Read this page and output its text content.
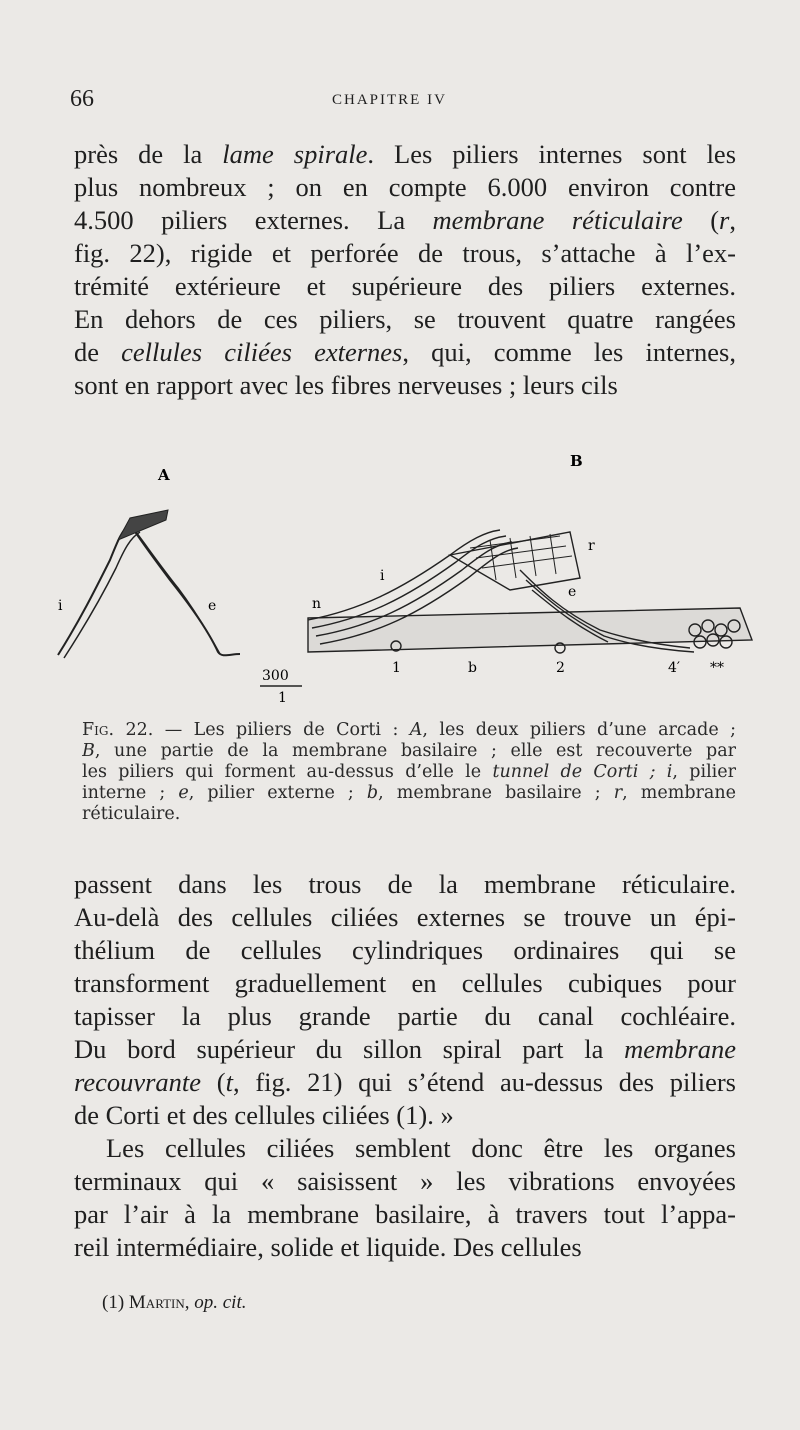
66	CHAPITRE IV

près de la lame spirale. Les piliers internes sont les
plus nombreux ; on en compte 6.000 environ contre
4.500 piliers externes. La membrane réticulaire (r,
fig. 22), rigide et perforée de trous, s’attache à l’ex-
trémité extérieure et supérieure des piliers externes.
En dehors de ces piliers, se trouvent quatre rangées
de cellules ciliées externes, qui, comme les internes,
sont en rapport avec les fibres nerveuses ; leurs cils

A
i	e
300
1
B
n
i
r
e
1	b	2	4′ **

Fig. 22. — Les piliers de Corti : A, les deux piliers d’une arcade ;
B, une partie de la membrane basilaire ; elle est recouverte par
les piliers qui forment au-dessus d’elle le tunnel de Corti ; i, pilier
interne ; e, pilier externe ; b, membrane basilaire ; r, membrane
réticulaire.

passent dans les trous de la membrane réticulaire.
Au-delà des cellules ciliées externes se trouve un épi-
thélium de cellules cylindriques ordinaires qui se
transforment graduellement en cellules cubiques pour
tapisser la plus grande partie du canal cochléaire.
Du bord supérieur du sillon spiral part la membrane
recouvrante (t, fig. 21) qui s’étend au-dessus des piliers
de Corti et des cellules ciliées (1). »
Les cellules ciliées semblent donc être les organes
terminaux qui « saisissent » les vibrations envoyées
par l’air à la membrane basilaire, à travers tout l’appa-
reil intermédiaire, solide et liquide. Des cellules

(1) Martin, op. cit.
